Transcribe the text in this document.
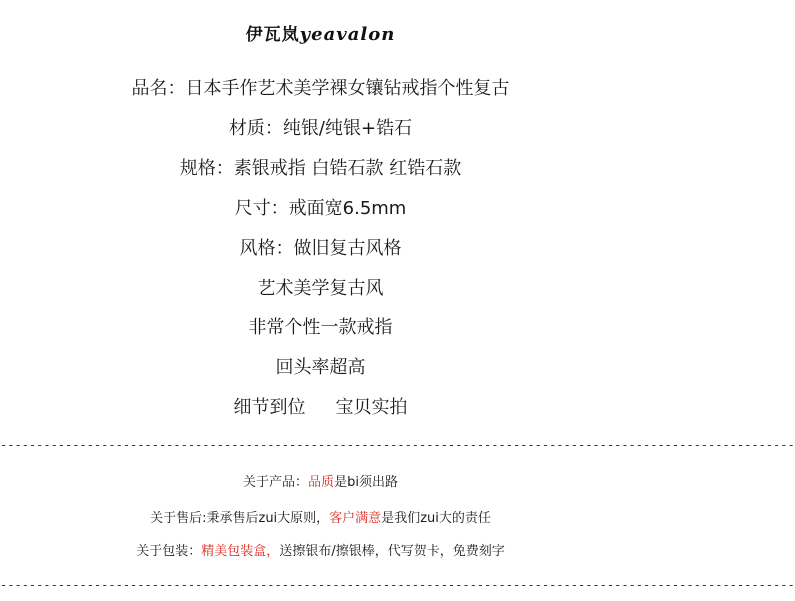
伊瓦岚yeavalon
品名：日本手作艺术美学裸女镶钻戒指个性复古
材质：纯银/纯银+锆石
规格：素银戒指 白锆石款 红锆石款
尺寸：戒面宽6.5mm
风格：做旧复古风格
艺术美学复古风
非常个性一款戒指
回头率超高
细节到位 宝贝实拍
--------------------------------------------------------------------------------------------------------------
关于产品：品质是bi须出路
关于售后:秉承售后zui大原则，客户满意是我们zui大的责任
关于包装：精美包装盒，送擦银布/擦银棒，代写贺卡，免费刻字
--------------------------------------------------------------------------------------------------------------
